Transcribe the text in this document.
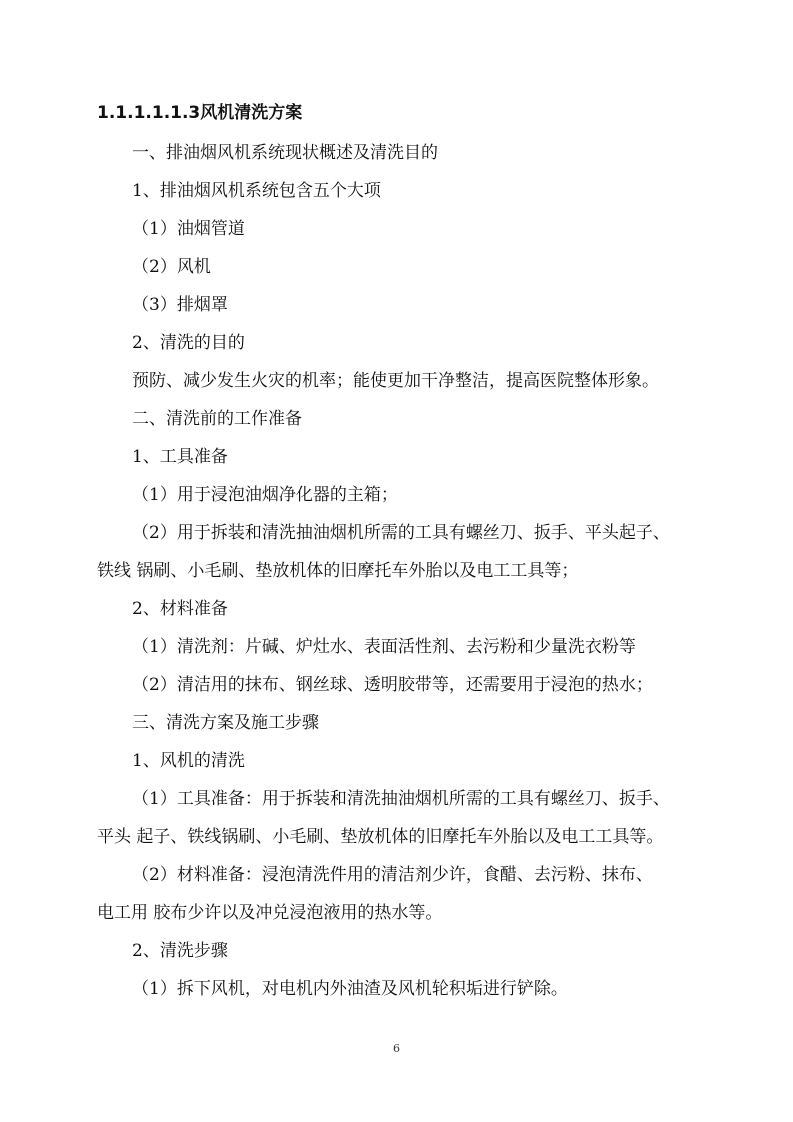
1.1.1.1.1.3风机清洗方案
一、排油烟风机系统现状概述及清洗目的
1、排油烟风机系统包含五个大项
（1）油烟管道
（2）风机
（3）排烟罩
2、清洗的目的
预防、减少发生火灾的机率；能使更加干净整洁，提高医院整体形象。
二、清洗前的工作准备
1、工具准备
（1）用于浸泡油烟净化器的主箱；
（2）用于拆装和清洗抽油烟机所需的工具有螺丝刀、扳手、平头起子、
铁线 锅刷、小毛刷、垫放机体的旧摩托车外胎以及电工工具等；
2、材料准备
（1）清洗剂：片碱、炉灶水、表面活性剂、去污粉和少量洗衣粉等
（2）清洁用的抹布、钢丝球、透明胶带等，还需要用于浸泡的热水；
三、清洗方案及施工步骤
1、风机的清洗
（1）工具准备：用于拆装和清洗抽油烟机所需的工具有螺丝刀、扳手、
平头 起子、铁线锅刷、小毛刷、垫放机体的旧摩托车外胎以及电工工具等。
（2）材料准备：浸泡清洗件用的清洁剂少许，食醋、去污粉、抹布、
电工用 胶布少许以及冲兑浸泡液用的热水等。
2、清洗步骤
（1）拆下风机，对电机内外油渣及风机轮积垢进行铲除。
6
